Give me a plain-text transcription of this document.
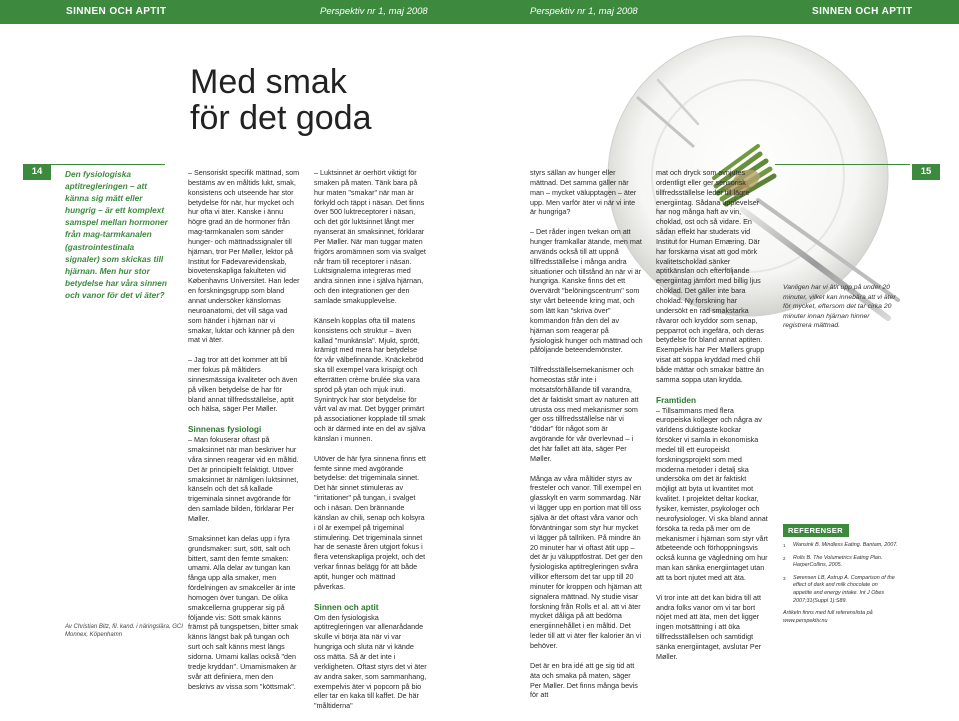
SINNEN OCH APTIT	Perspektiv nr 1, maj 2008	Perspektiv nr 1, maj 2008	SINNEN OCH APTIT
Med smak
för det goda
14	15
Den fysiologiska aptitregleringen – att känna sig mätt eller hungrig – är ett komplext samspel mellan hormoner från mag-tarmkanalen (gastrointestinala signaler) som skickas till hjärnan. Men hur stor betydelse har våra sinnen och vanor för det vi äter?
Av Christian Bitz, fil. kand. i näringslära, GCI Monnex, Köpenhamn

– Sensoriskt specifik mättnad, som bestäms av en måltids lukt, smak, konsistens och utseende har stor betydelse för när, hur mycket och hur ofta vi äter. Kanske i ännu högre grad än de hormoner från mag-tarmkanalen som sänder hunger- och mättnadssignaler till hjärnan, tror Per Møller, lektor på Institut for Fødevarevidenskab, biovetenskapliga fakulteten vid Københavns Universitet. Han leder en forskningsgrupp som bland annat undersöker känslornas neuroanatomi, det vill säga vad som händer i hjärnan när vi smakar, luktar och känner på den mat vi äter.

– Jag tror att det kommer att bli mer fokus på måltiders sinnesmässiga kvaliteter och även på vilken betydelse de har för bland annat tillfredsställelse, aptit och hälsa, säger Per Møller.

Sinnenas fysiologi

– Man fokuserar oftast på smaksinnet när man beskriver hur våra sinnen reagerar vid en måltid. Det är principiellt felaktigt. Utöver smaksinnet är nämligen luktsinnet, känseln och det så kallade trigeminala sinnet avgörande för den samlade bilden, förklarar Per Møller.

Smaksinnet kan delas upp i fyra grundsmaker: surt, sött, salt och bittert, samt den femte smaken: umami. Alla delar av tungan kan fånga upp alla smaker, men fördelningen av smakceller är inte homogen över tungan. De olika smakcellerna grupperar sig på följande vis: Sött smak känns främst på tungspetsen, bitter smak känns längst bak på tungan och surt och salt känns mest längs sidorna. Umami kallas också "den tredje kryddan". Umamismaken är svår att definiera, men den beskrivs av vissa som "köttsmak".

– Luktsinnet är oerhört viktigt för smaken på maten. Tänk bara på hur maten "smakar" när man är förkyld och täppt i näsan. Det finns över 500 luktreceptorer i näsan, och det gör luktsinnet långt mer nyanserat än smaksinnet, förklarar Per Møller. När man tuggar maten frigörs aromämnen som via svalget når fram till receptorer i näsan. Luktsignalerna integreras med andra sinnen inne i själva hjärnan, och den integrationen ger den samlade smakupplevelse.

Känseln kopplas ofta till matens konsistens och struktur – även kallad "munkänsla". Mjukt, sprött, krämigt med mera har betydelse för vår välbefinnande. Knäckebröd ska till exempel vara krispigt och efterrätten crème brulée ska vara spröd på ytan och mjuk inuti. Synintryck har stor betydelse för vårt val av mat. Det bygger primärt på associationer kopplade till smak och är därmed inte en del av själva känslan i munnen.

Utöver de här fyra sinnena finns ett femte sinne med avgörande betydelse: det trigeminala sinnet. Det här sinnet stimuleras av "irritationer" på tungan, i svalget och i näsan. Den brännande känslan av chili, senap och kolsyra i öl är exempel på trigeminal stimulering. Det trigeminala sinnet har de senaste åren utgjort fokus i flera vetenskapliga projekt, och det verkar finnas belägg för att både aptit, hunger och mättnad påverkas.

Sinnen och aptit

Om den fysiologiska aptitregleringen var allenarådande skulle vi börja äta när vi var hungriga och sluta när vi kände oss mätta. Så är det inte i verkligheten. Oftast styrs det vi äter av andra saker, som sammanhang, exempelvis äter vi popcorn på bio eller tar en kaka till kaffet. De här "måltiderna"

styrs sällan av hunger eller mättnad. Det samma gäller när man – mycket välupptagen – äter upp. Men varför äter vi när vi inte är hungriga?

– Det råder ingen tvekan om att hunger framkallar ätande, men mat används också till att uppnå tillfredsställelse i många andra situationer och tillstånd än när vi är hungriga. Kanske finns det ett övervärdt "belöningscentrum" som styr vårt beteende kring mat, och som lätt kan "skriva över" kommandon från den del av hjärnan som reagerar på fysiologisk hunger och mättnad och påföljande beteendemönster.

Tillfredsställelsemekanismer och homeostas står inte i motsatsförhållande till varandra, det är faktiskt smart av naturen att utrusta oss med mekanismer som ger oss tillfredsställelse när vi "dödar" för något som är avgörande för vår överlevnad – i det här fallet att äta, säger Per Møller.

Många av våra måltider styrs av fresteler och vanor. Till exempel en glasskylt en varm sommardag. När vi lägger upp en portion mat till oss själva är det oftast våra vanor och förväntningar som styr hur mycket vi lägger på tallriken. På mindre än 20 minuter har vi oftast ätit upp – det är ju välupptfostrat. Det ger den fysiologiska aptitregleringen svåra villkor eftersom det tar upp till 20 minuter för kroppen och hjärnan att signalera mättnad. Ny studie visar forskning från Rolls et al. att vi äter mycket dåliga på att bedöma energiinnehållet i en måltid. Det leder till att vi äter fler kalorier än vi behöver.

Det är en bra idé att ge sig tid att äta och smaka på maten, säger Per Møller. Det finns många bevis för att

mat och dryck som avnjutes ordentligt eller ger sensorisk tillfredsställelse leder till lägre energiintag. Sådana upplevelser har nog många haft av vin, choklad, ost och så vidare. En sådan effekt har studerats vid Institut for Human Ernæring. Där har forskarna visat att god mörk kvalitetschoklad sänker aptitkänslan och efterföljande energiintag jämfört med billig ljus choklad. Det gäller inte bara choklad. Ny forskning har undersökt en rad smakstarka råvaror och kryddor som senap, pepparrot och ingefära, och deras betydelse för bland annat aptiten. Exempelvis har Per Møllers grupp visat att soppa kryddad med chili både mättar och smakar bättre än samma soppa utan krydda.

Framtiden

– Tillsammans med flera europeiska kolleger och några av världens duktigaste kockar försöker vi samla in ekonomiska medel till ett europeiskt forskningsprojekt som med moderna metoder i detalj ska undersöka om det är faktiskt möjligt att byta ut kvantitet mot kvalitet. I projektet deltar kockar, fysiker, kemister, psykologer och neurofysiologer. Vi ska bland annat försöka ta reda på mer om de mekanismer i hjärnan som styr vårt ätbeteende och förhoppningsvis också kunna ge vägledning om hur man kan sänka energiintaget utan att ta bort njutet med att äta.

Vi tror inte att det kan bidra till att andra folks vanor om vi tar bort nöjet med att äta, men det ligger ingen motsättning i att öka tillfredsställelsen och samtidigt sänka energiintaget, avslutar Per Møller.

Vanligen har vi ätit upp på under 20 minuter, vilket kan innebära att vi äter för mycket, eftersom det tar cirka 20 minuter innan hjärnan hinner registrera mättnad.
REFERENSER
1	Wansink B. Mindless Eating. Bantam, 2007.
2	Rolls B. The Volumetrics Eating Plan. HarperCollins, 2005.
3	Sørensen LB, Astrup A. Comparison of the effect of dark and milk chocolate on appetite and energy intake. Int J Obes 2007;31(Suppl 1):S89.
Artikeln finns med full referenslista på www.perspektiv.nu
